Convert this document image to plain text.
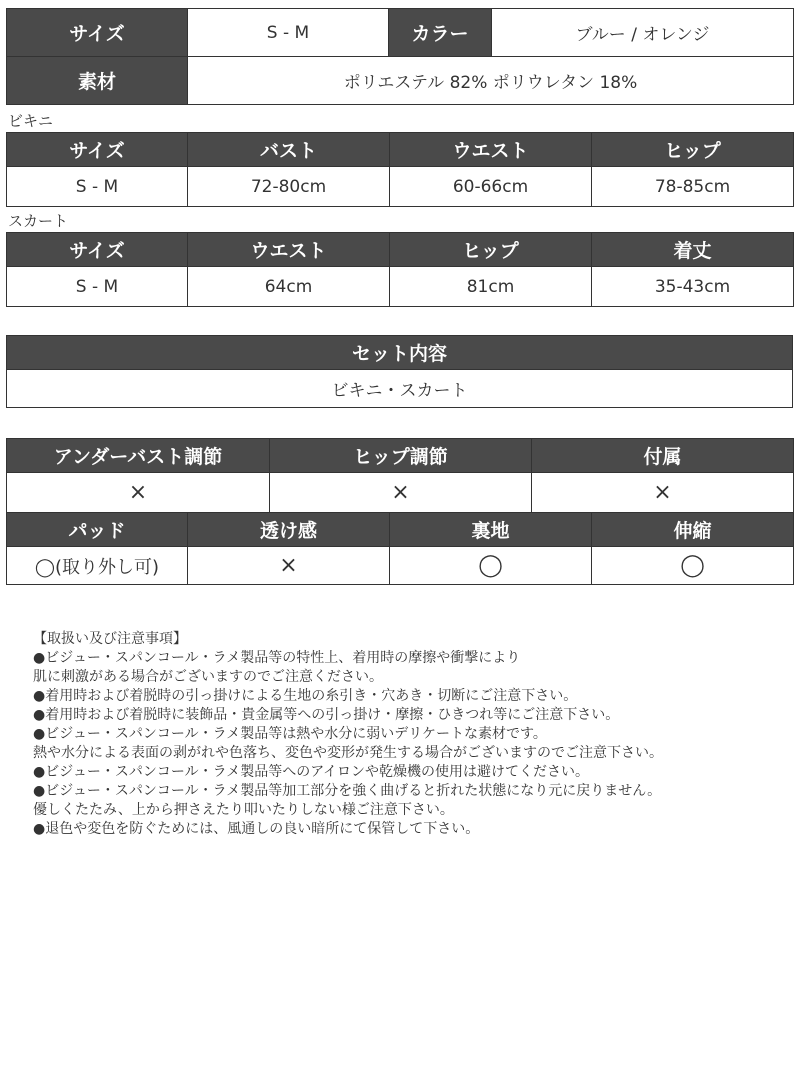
サイズ	S - M	カラー	ブルー / オレンジ
素材	ポリエステル 82% ポリウレタン 18%		
ビキニ
サイズ	バスト	ウエスト	ヒップ
S - M	72-80cm	60-66cm	78-85cm
スカート
サイズ	ウエスト	ヒップ	着丈
S - M	64cm	81cm	35-43cm
セット内容
ビキニ・スカート
アンダーバスト調節	ヒップ調節	付属
×	×	×
パッド	透け感	裏地	伸縮
◯(取り外し可)	×	◯	◯
【取扱い及び注意事項】
●ビジュー・スパンコール・ラメ製品等の特性上、着用時の摩擦や衝撃により
肌に刺激がある場合がございますのでご注意ください。
●着用時および着脱時の引っ掛けによる生地の糸引き・穴あき・切断にご注意下さい。
●着用時および着脱時に装飾品・貴金属等への引っ掛け・摩擦・ひきつれ等にご注意下さい。
●ビジュー・スパンコール・ラメ製品等は熱や水分に弱いデリケートな素材です。
熱や水分による表面の剥がれや色落ち、変色や変形が発生する場合がございますのでご注意下さい。
●ビジュー・スパンコール・ラメ製品等へのアイロンや乾燥機の使用は避けてください。
●ビジュー・スパンコール・ラメ製品等加工部分を強く曲げると折れた状態になり元に戻りません。
優しくたたみ、上から押さえたり叩いたりしない様ご注意下さい。
●退色や変色を防ぐためには、風通しの良い暗所にて保管して下さい。
